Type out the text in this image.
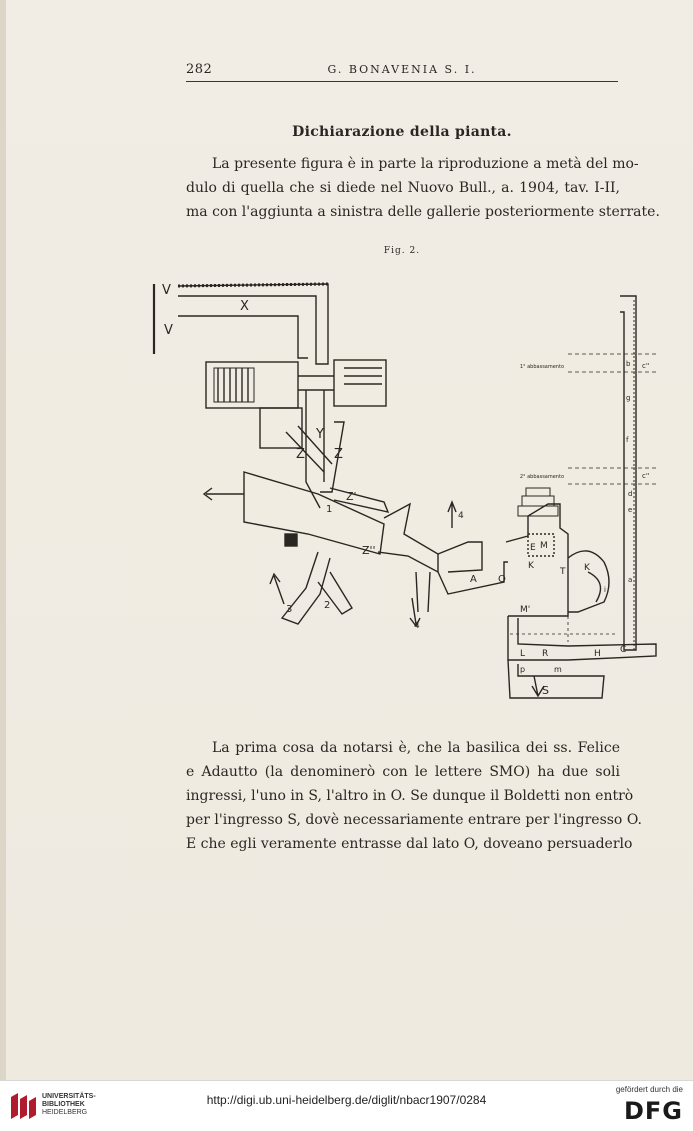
282	G. BONAVENIA S. I.
Dichiarazione della pianta.
La presente figura è in parte la riproduzione a metà del mo-
dulo di quella che si diede nel Nuovo Bull., a. 1904, tav. I-II,
ma con l'aggiunta a sinistra delle gallerie posteriormente sterrate.
Fig. 2.
V
V
X
Y
Z Z
Z'
Z''
1
2
3
4
4
A O
E M
K	K
T
M'
L R	H C
p	m
S
b
g
f
d
e
a
i
c''
c''
1° abbassamento
2° abbassamento
La prima cosa da notarsi è, che la basilica dei ss. Felice
e Adautto (la denominerò con le lettere SMO) ha due soli
ingressi, l'uno in S, l'altro in O. Se dunque il Boldetti non entrò
per l'ingresso S, dovè necessariamente entrare per l'ingresso O.
E che egli veramente entrasse dal lato O, doveano persuaderlo
UNIVERSITÄTS-
BIBLIOTHEK
HEIDELBERG
http://digi.ub.uni-heidelberg.de/diglit/nbacr1907/0284
gefördert durch die
DFG
